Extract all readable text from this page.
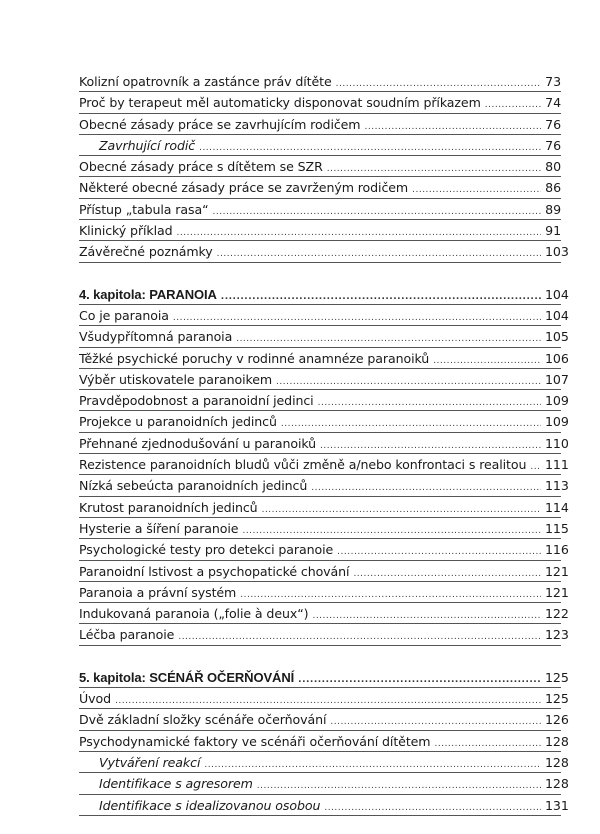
Kolizní opatrovník a zastánce práv dítěte .....	73
Proč by terapeut měl automaticky disponovat soudním příkazem .....	74
Obecné zásady práce se zavrhujícím rodičem .....	76
Zavrhující rodič .....	76
Obecné zásady práce s dítětem se SZR .....	80
Některé obecné zásady práce se zavrženým rodičem .....	86
Přístup „tabula rasa“ .....	89
Klinický příklad .....	91
Závěrečné poznámky .....	103
4. kapitola: PARANOIA .....	104
Co je paranoia .....	104
Všudypřítomná paranoia .....	105
Těžké psychické poruchy v rodinné anamnéze paranoiků .....	106
Výběr utiskovatele paranoikem .....	107
Pravděpodobnost a paranoidní jedinci .....	109
Projekce u paranoidních jedinců .....	109
Přehnané zjednodušování u paranoiků .....	110
Rezistence paranoidních bludů vůči změně a/nebo konfrontaci s realitou ..... 111
Nízká sebeúcta paranoidních jedinců .....	113
Krutost paranoidních jedinců .....	114
Hysterie a šíření paranoie .....	115
Psychologické testy pro detekci paranoie .....	116
Paranoidní lstivost a psychopatické chování .....	121
Paranoia a právní systém .....	121
Indukovaná paranoia („folie à deux“) .....	122
Léčba paranoie .....	123
5. kapitola: SCÉNÁŘ OČERŇOVÁNÍ .....	125
Úvod .....	125
Dvě základní složky scénáře očerňování .....	126
Psychodynamické faktory ve scénáři očerňování dítětem .....	128
Vytváření reakcí .....	128
Identifikace s agresorem .....	128
Identifikace s idealizovanou osobou .....	131
